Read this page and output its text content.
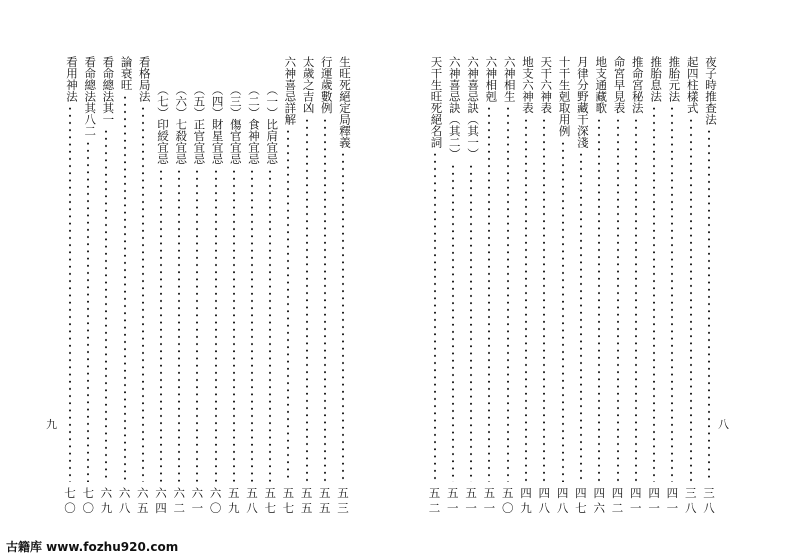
生旺死絕定局釋義
五
三
行運歲數例
五
五
太歲之吉凶
五
五
六神喜忌詳解
五
七
（一）比肩宜忌
五
七
（二）食神宜忌
五
八
（三）傷官宜忌
五
九
（四）財星宜忌
六
〇
（五）正官宜忌
六
一
（六）七殺宜忌
六
二
（七）印綬宜忌
六
四
看格局法
六
五
論衰旺
六
八
看命總法其一
六
九
看命總法其八二
七
〇
看用神法
七
〇
夜子時推查法
三
八
起四柱樣式
三
八
推胎元法
四
一
推胎息法
四
一
推命宮秘法
四
一
命宮早見表
四
二
地支通藏歌
四
六
月律分野藏干深淺
四
七
十干生剋取用例
四
八
天干六神表
四
八
地支六神表
四
九
六神相生
五
〇
六神相剋
五
一
六神喜忌訣（其一）
五
一
六神喜忌訣（其二）
五
一
天干生旺死絕名詞
五
二
九	八
古籍库 www.fozhu920.com
